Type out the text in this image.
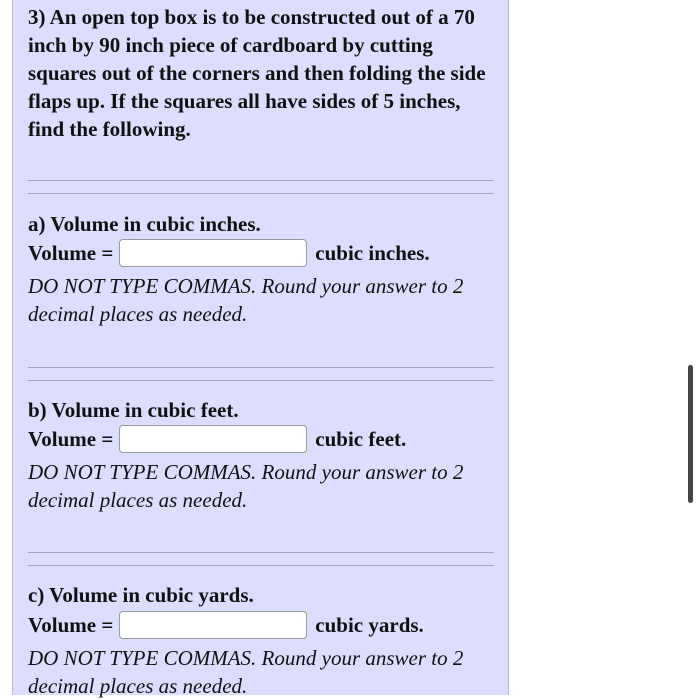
3) An open top box is to be constructed out of a 70 inch by 90 inch piece of cardboard by cutting squares out of the corners and then folding the side flaps up. If the squares all have sides of 5 inches, find the following.
a) Volume in cubic inches.
Volume =	cubic inches.
DO NOT TYPE COMMAS. Round your answer to 2 decimal places as needed.
b) Volume in cubic feet.
Volume =	cubic feet.
DO NOT TYPE COMMAS. Round your answer to 2 decimal places as needed.
c) Volume in cubic yards.
Volume =	cubic yards.
DO NOT TYPE COMMAS. Round your answer to 2 decimal places as needed.
